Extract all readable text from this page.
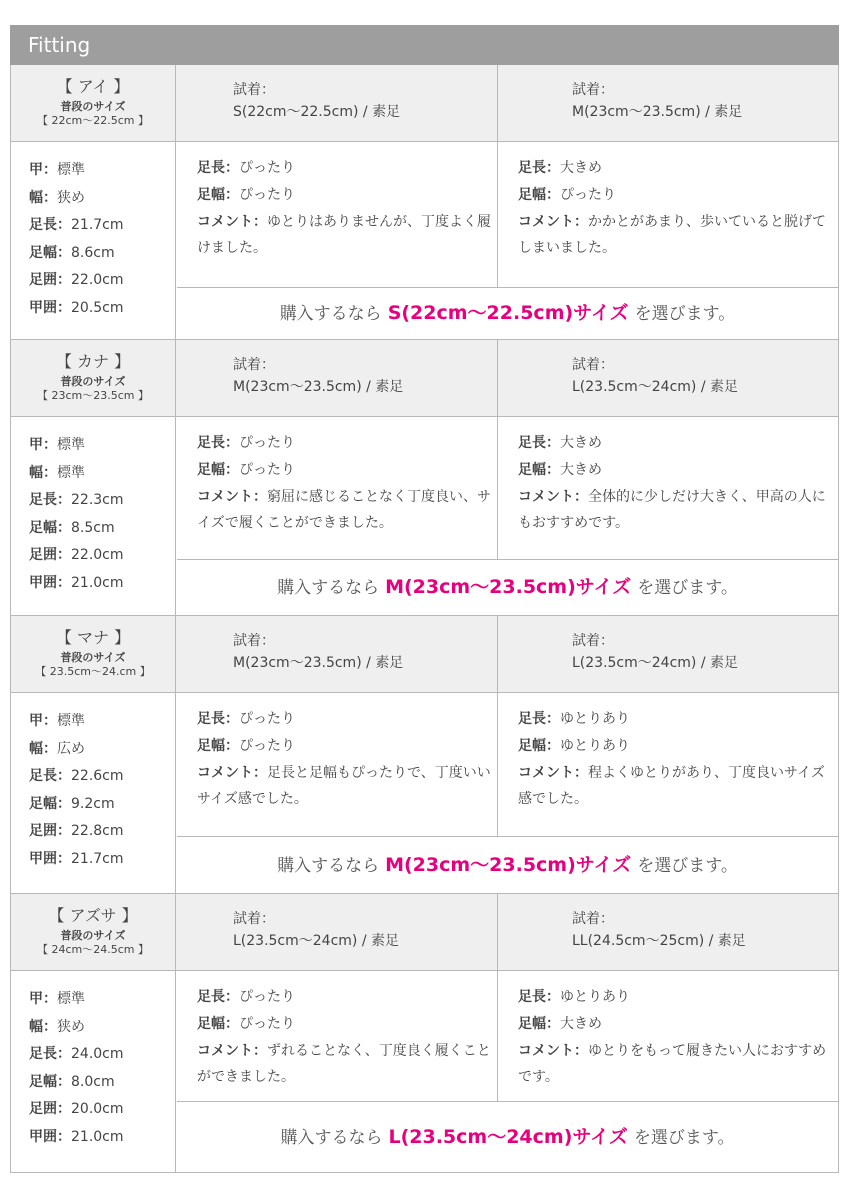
Fitting
【 アイ 】
普段のサイズ
【 22cm～22.5cm 】
試着：
S(22cm～22.5cm) / 素足
試着：
M(23cm～23.5cm) / 素足
甲：標準
幅：狭め
足長：21.7cm
足幅：8.6cm
足囲：22.0cm
甲囲：20.5cm
足長：ぴったり
足幅：ぴったり
コメント：ゆとりはありませんが、丁度よく履けました。
足長：大きめ
足幅：ぴったり
コメント：かかとがあまり、歩いていると脱げてしまいました。
購入するなら S(22cm～22.5cm)サイズ を選びます。
【 カナ 】
普段のサイズ
【 23cm～23.5cm 】
試着：
M(23cm～23.5cm) / 素足
試着：
L(23.5cm～24cm) / 素足
甲：標準
幅：標準
足長：22.3cm
足幅：8.5cm
足囲：22.0cm
甲囲：21.0cm
足長：ぴったり
足幅：ぴったり
コメント：窮屈に感じることなく丁度良い、サイズで履くことができました。
足長：大きめ
足幅：大きめ
コメント：全体的に少しだけ大きく、甲高の人にもおすすめです。
購入するなら M(23cm～23.5cm)サイズ を選びます。
【 マナ 】
普段のサイズ
【 23.5cm～24.cm 】
試着：
M(23cm～23.5cm) / 素足
試着：
L(23.5cm～24cm) / 素足
甲：標準
幅：広め
足長：22.6cm
足幅：9.2cm
足囲：22.8cm
甲囲：21.7cm
足長：ぴったり
足幅：ぴったり
コメント：足長と足幅もぴったりで、丁度いいサイズ感でした。
足長：ゆとりあり
足幅：ゆとりあり
コメント：程よくゆとりがあり、丁度良いサイズ感でした。
購入するなら M(23cm～23.5cm)サイズ を選びます。
【 アズサ 】
普段のサイズ
【 24cm～24.5cm 】
試着：
L(23.5cm～24cm) / 素足
試着：
LL(24.5cm～25cm) / 素足
甲：標準
幅：狭め
足長：24.0cm
足幅：8.0cm
足囲：20.0cm
甲囲：21.0cm
足長：ぴったり
足幅：ぴったり
コメント：ずれることなく、丁度良く履くことができました。
足長：ゆとりあり
足幅：大きめ
コメント：ゆとりをもって履きたい人におすすめです。
購入するなら L(23.5cm～24cm)サイズ を選びます。
